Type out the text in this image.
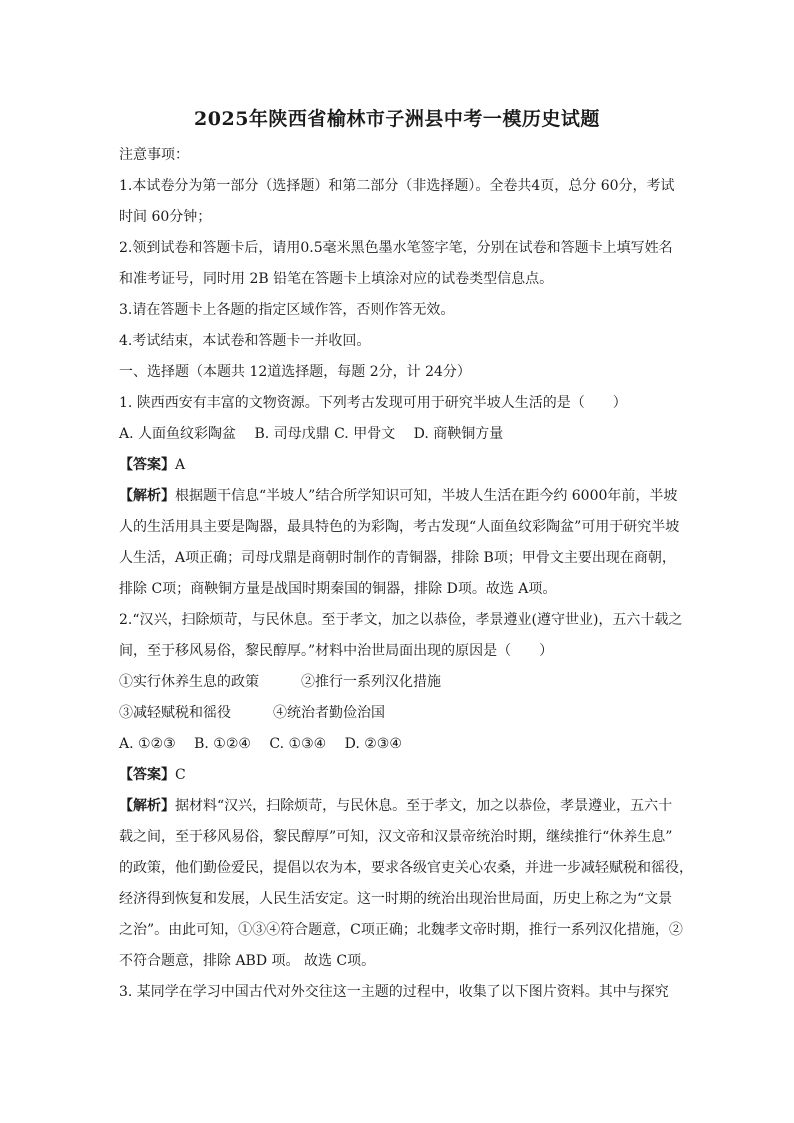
2025年陕西省榆林市子洲县中考一模历史试题
注意事项：
1.本试卷分为第一部分（选择题）和第二部分（非选择题）。全卷共4页，总分 60分，考试
时间 60分钟；
2.领到试卷和答题卡后，请用0.5毫米黑色墨水笔签字笔，分别在试卷和答题卡上填写姓名
和准考证号，同时用 2B 铅笔在答题卡上填涂对应的试卷类型信息点。
3.请在答题卡上各题的指定区域作答，否则作答无效。
4.考试结束，本试卷和答题卡一并收回。
一、选择题（本题共 12道选择题，每题 2分，计 24分）
1. 陕西西安有丰富的文物资源。下列考古发现可用于研究半坡人生活的是（　　）
A. 人面鱼纹彩陶盆　 B. 司母戊鼎 C. 甲骨文　 D. 商鞅铜方量
【答案】A
【解析】根据题干信息“半坡人”结合所学知识可知，半坡人生活在距今约 6000年前，半坡
人的生活用具主要是陶器，最具特色的为彩陶，考古发现“人面鱼纹彩陶盆”可用于研究半坡
人生活，A项正确；司母戊鼎是商朝时制作的青铜器，排除 B项；甲骨文主要出现在商朝，
排除 C项；商鞅铜方量是战国时期秦国的铜器，排除 D项。故选 A项。
2.“汉兴，扫除烦苛，与民休息。至于孝文，加之以恭俭，孝景遵业(遵守世业)，五六十载之
间，至于移风易俗，黎民醇厚。”材料中治世局面出现的原因是（　　）
①实行休养生息的政策　　　②推行一系列汉化措施
③减轻赋税和徭役　　　④统治者勤俭治国
A. ①②③　 B. ①②④　 C. ①③④　 D. ②③④
【答案】C
【解析】据材料“汉兴，扫除烦苛，与民休息。至于孝文，加之以恭俭，孝景遵业，五六十
载之间，至于移风易俗，黎民醇厚”可知，汉文帝和汉景帝统治时期，继续推行“休养生息”
的政策，他们勤俭爱民，提倡以农为本，要求各级官吏关心农桑，并进一步减轻赋税和徭役，
经济得到恢复和发展，人民生活安定。这一时期的统治出现治世局面，历史上称之为“文景
之治”。由此可知，①③④符合题意，C项正确；北魏孝文帝时期，推行一系列汉化措施，②
不符合题意，排除 ABD 项。 故选 C项。
3. 某同学在学习中国古代对外交往这一主题的过程中，收集了以下图片资料。其中与探究
